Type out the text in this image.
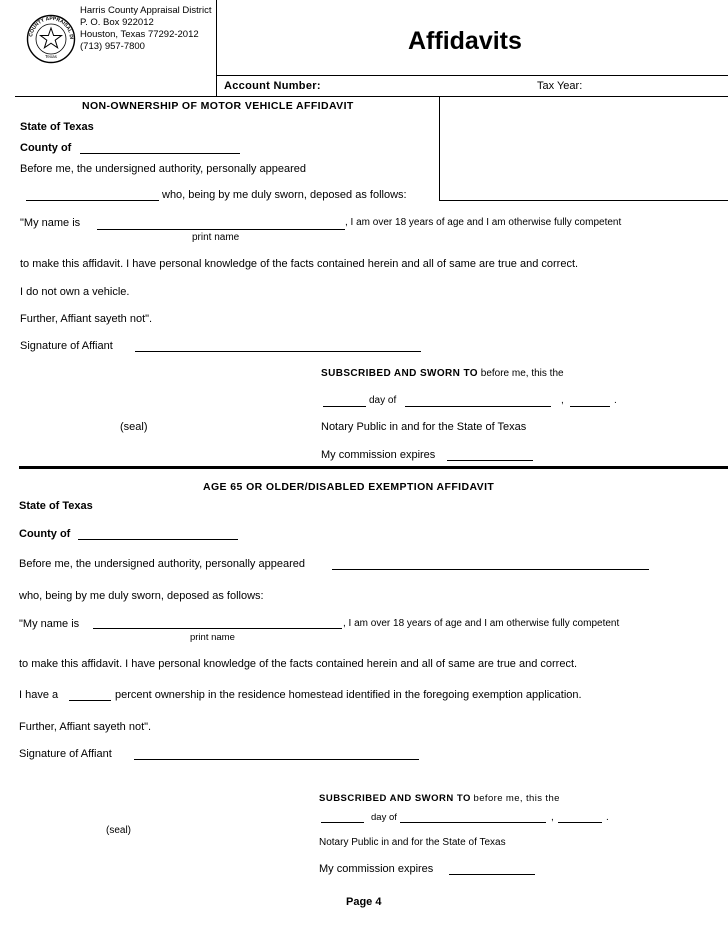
COUNTY APPRAISAL DI
Texas
Harris County Appraisal District
P. O. Box 922012
Houston, Texas 77292-2012
(713) 957-7800	Affidavits
Account Number:	Tax Year:
NON-OWNERSHIP OF MOTOR VEHICLE AFFIDAVIT
State of Texas
County of
Before me, the undersigned authority, personally appeared
who, being by me duly sworn, deposed as follows:
"My name is	, I am over 18 years of age and I am otherwise fully competent
print name
to make this affidavit. I have personal knowledge of the facts contained herein and all of same are true and correct.
I do not own a vehicle.
Further, Affiant sayeth not".
Signature of Affiant
SUBSCRIBED AND SWORN TO before me, this the
day of	,	.
(seal)	Notary Public in and for the State of Texas
My commission expires
AGE 65 OR OLDER/DISABLED EXEMPTION AFFIDAVIT
State of Texas
County of
Before me, the undersigned authority, personally appeared
who, being by me duly sworn, deposed as follows:
"My name is	, I am over 18 years of age and I am otherwise fully competent
print name
to make this affidavit. I have personal knowledge of the facts contained herein and all of same are true and correct.
I have a	percent ownership in the residence homestead identified in the foregoing exemption application.
Further, Affiant sayeth not".
Signature of Affiant
SUBSCRIBED AND SWORN TO before me, this the
day of	,	.
(seal)
Notary Public in and for the State of Texas
My commission expires
Page 4
